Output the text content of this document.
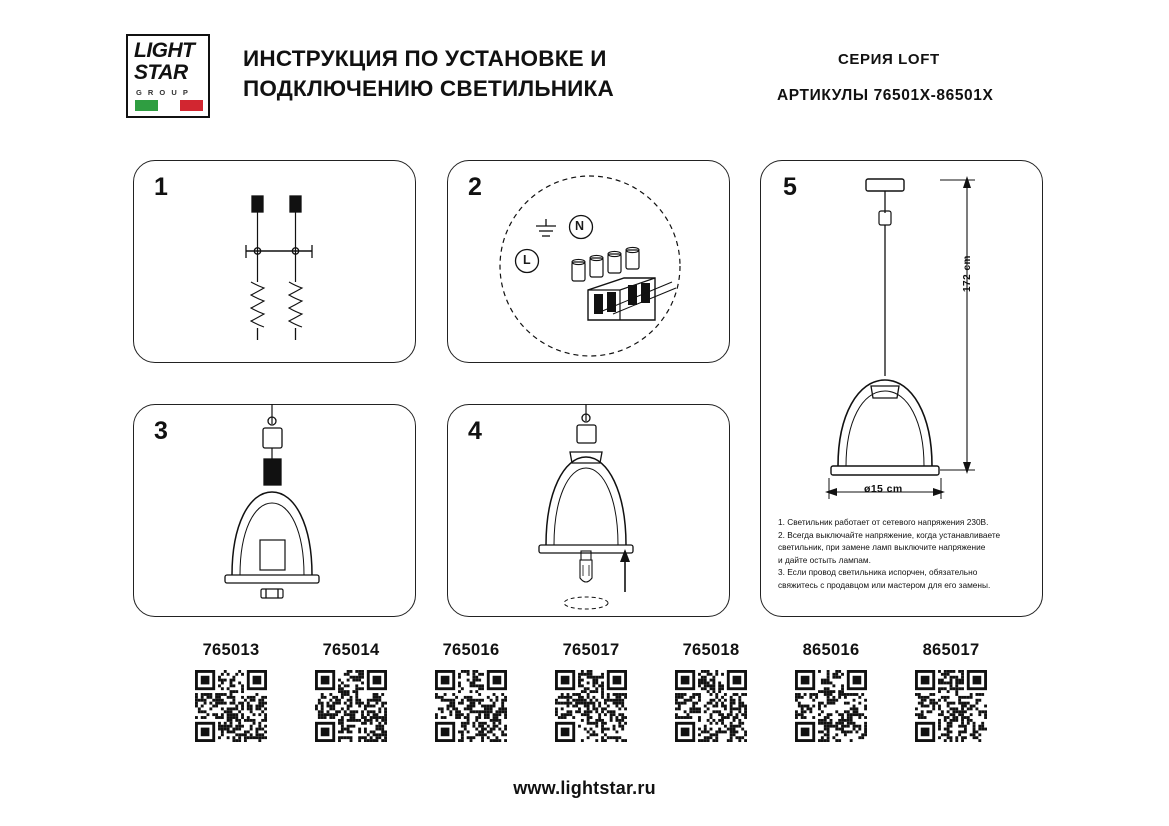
LIGHT
STAR
G R O U P
ИНСТРУКЦИЯ ПО УСТАНОВКЕ И ПОДКЛЮЧЕНИЮ СВЕТИЛЬНИКА
СЕРИЯ LOFT
АРТИКУЛЫ 76501X-86501X
1	2
3	4
5
N
L	172 cm
ø15 cm
1. Светильник работает от сетевого напряжения 230В.
2. Всегда выключайте напряжение, когда устанавливаете
светильник, при замене ламп выключите напряжение
и дайте остыть лампам.
3. Если провод светильника испорчен, обязательно
свяжитесь с продавцом или мастером для его замены.
765013	765014	765016	765017	765018	865016	865017
www.lightstar.ru
